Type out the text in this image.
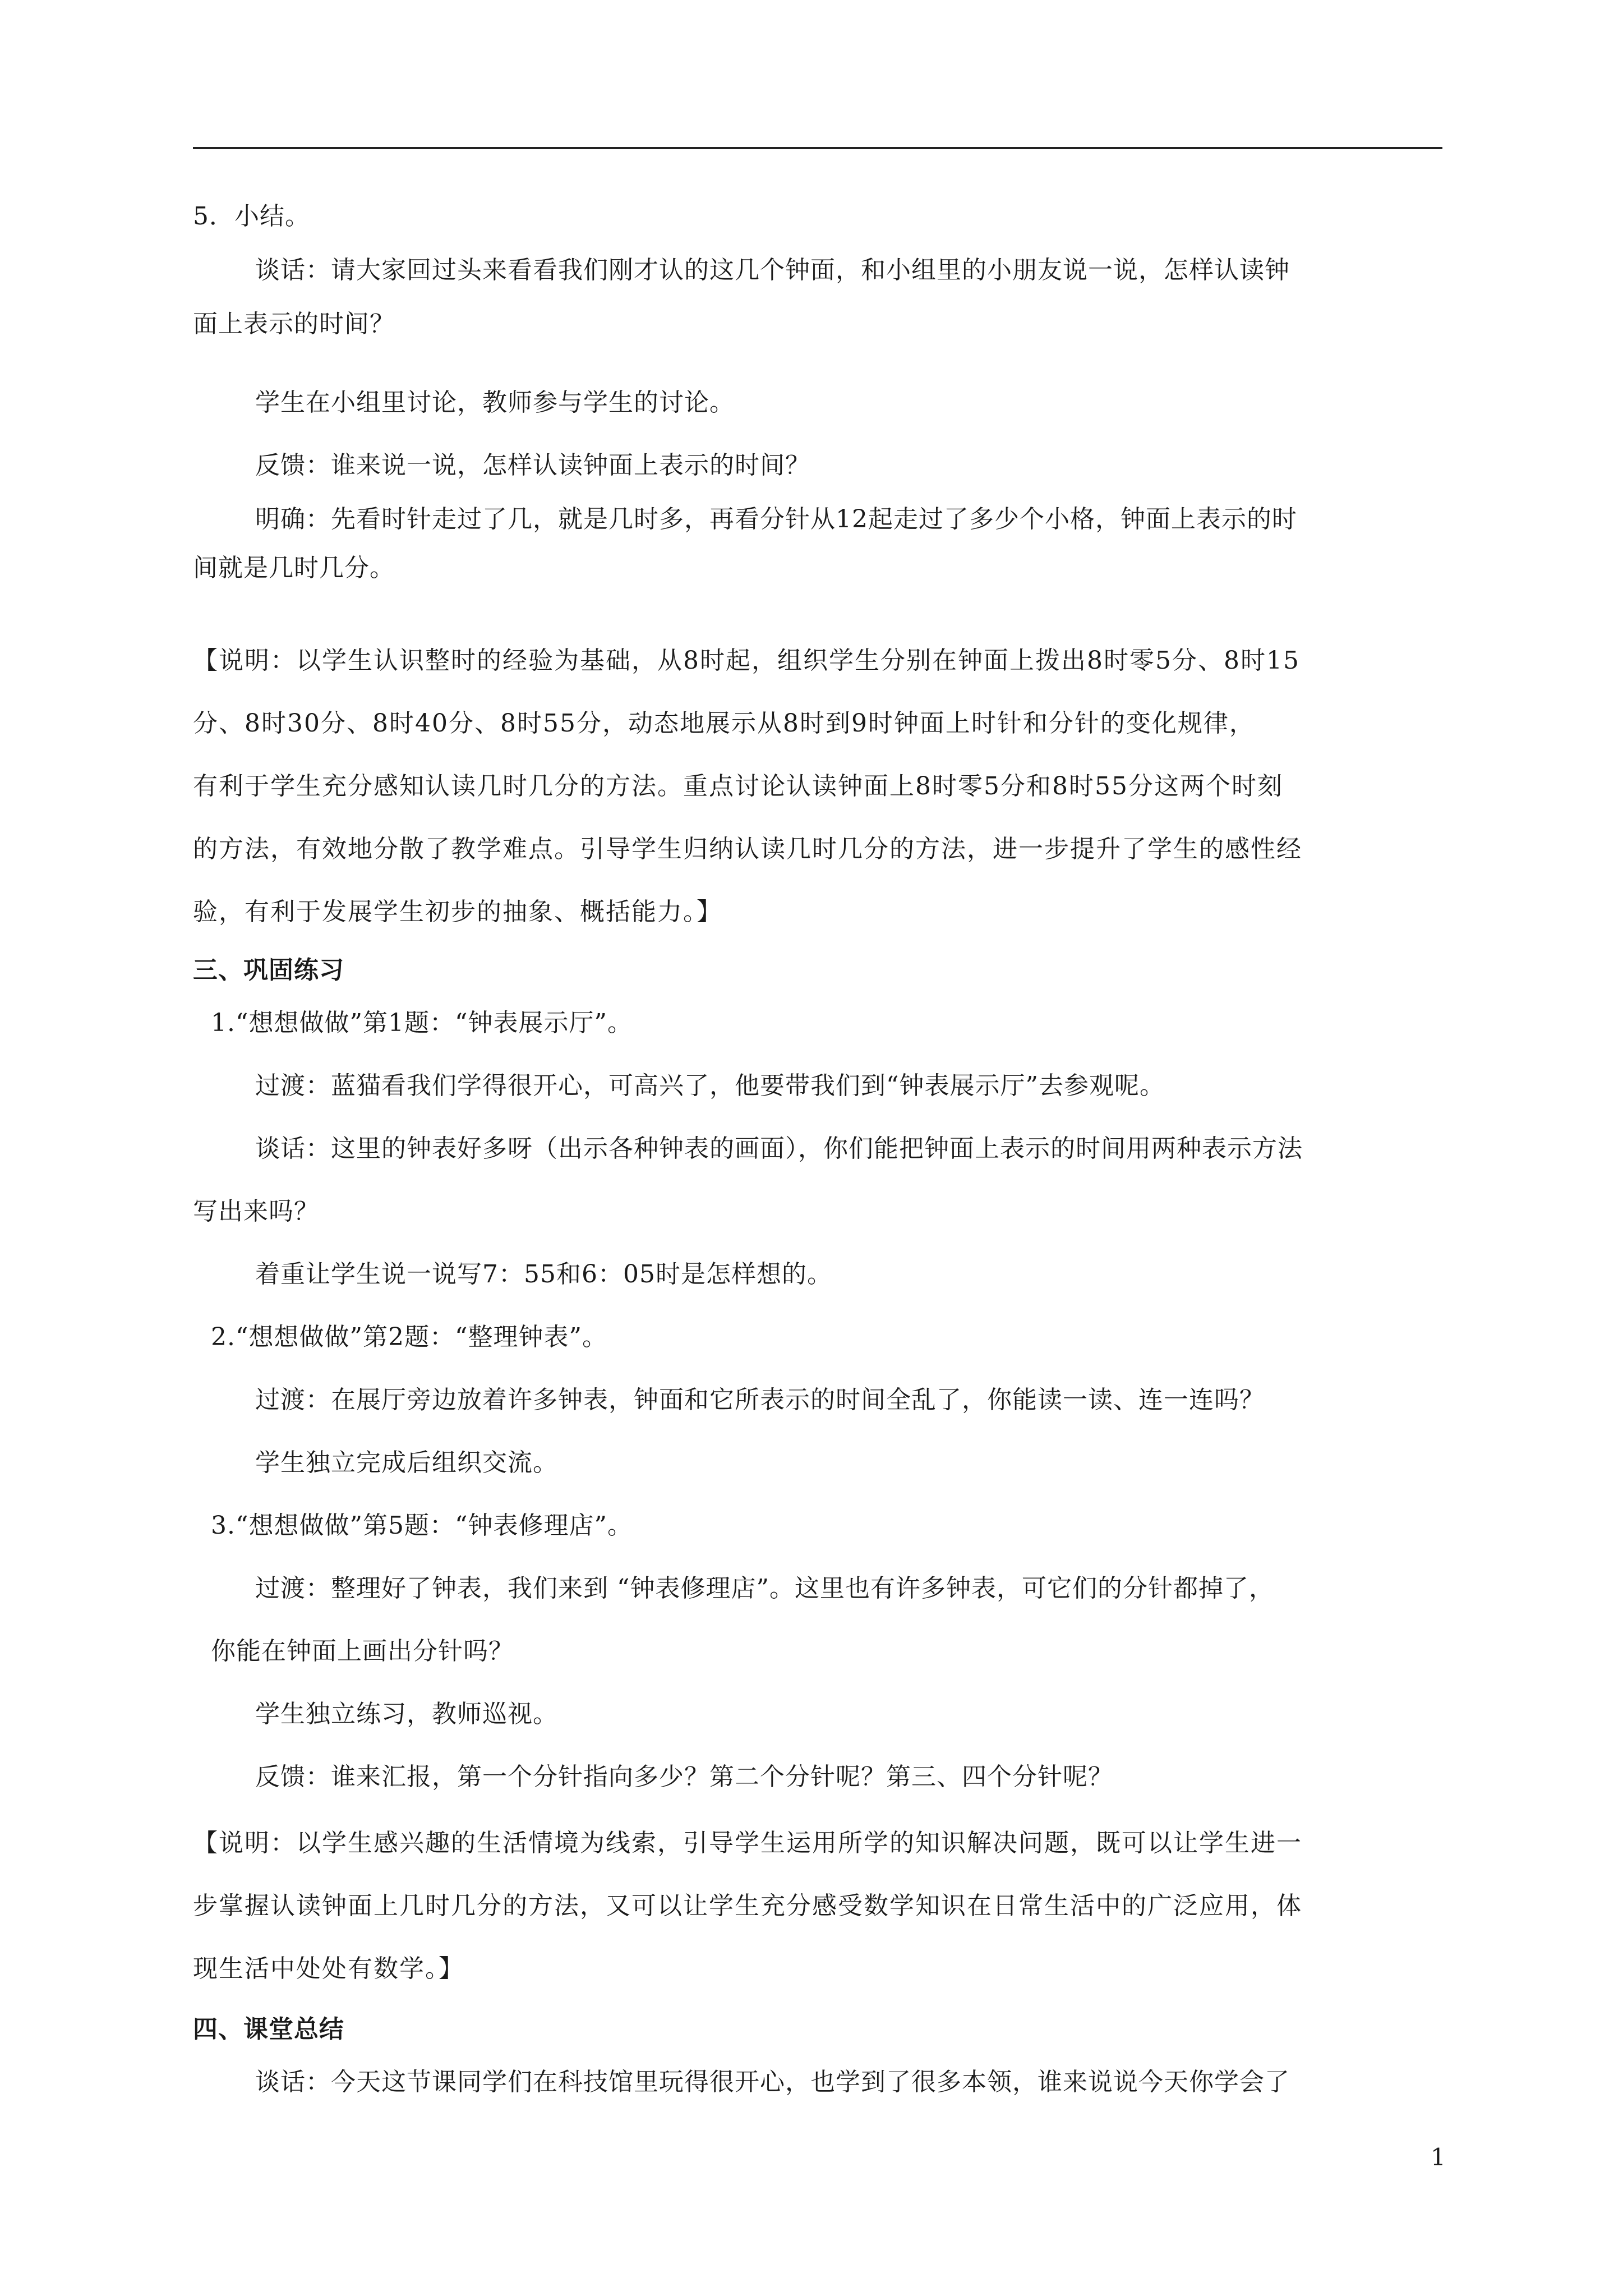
5．小结。
谈话：请大家回过头来看看我们刚才认的这几个钟面，和小组里的小朋友说一说，怎样认读钟
面上表示的时间？
学生在小组里讨论，教师参与学生的讨论。
反馈：谁来说一说，怎样认读钟面上表示的时间？
明确：先看时针走过了几，就是几时多，再看分针从12起走过了多少个小格，钟面上表示的时
间就是几时几分。
【说明：以学生认识整时的经验为基础，从8时起，组织学生分别在钟面上拨出8时零5分、8时15
分、8时30分、8时40分、8时55分，动态地展示从8时到9时钟面上时针和分针的变化规律，
有利于学生充分感知认读几时几分的方法。重点讨论认读钟面上8时零5分和8时55分这两个时刻
的方法，有效地分散了教学难点。引导学生归纳认读几时几分的方法，进一步提升了学生的感性经
验，有利于发展学生初步的抽象、概括能力。】
三、巩固练习
1.“想想做做”第1题：“钟表展示厅”。
过渡：蓝猫看我们学得很开心，可高兴了，他要带我们到“钟表展示厅”去参观呢。
谈话：这里的钟表好多呀（出示各种钟表的画面），你们能把钟面上表示的时间用两种表示方法
写出来吗？
着重让学生说一说写7：55和6：05时是怎样想的。
2.“想想做做”第2题：“整理钟表”。
过渡：在展厅旁边放着许多钟表，钟面和它所表示的时间全乱了，你能读一读、连一连吗？
学生独立完成后组织交流。
3.“想想做做”第5题：“钟表修理店”。
过渡：整理好了钟表，我们来到 “钟表修理店”。这里也有许多钟表，可它们的分针都掉了，
你能在钟面上画出分针吗？
学生独立练习，教师巡视。
反馈：谁来汇报，第一个分针指向多少？第二个分针呢？第三、四个分针呢？
【说明：以学生感兴趣的生活情境为线索，引导学生运用所学的知识解决问题，既可以让学生进一
步掌握认读钟面上几时几分的方法，又可以让学生充分感受数学知识在日常生活中的广泛应用，体
现生活中处处有数学。】
四、课堂总结
谈话：今天这节课同学们在科技馆里玩得很开心，也学到了很多本领，谁来说说今天你学会了
1
